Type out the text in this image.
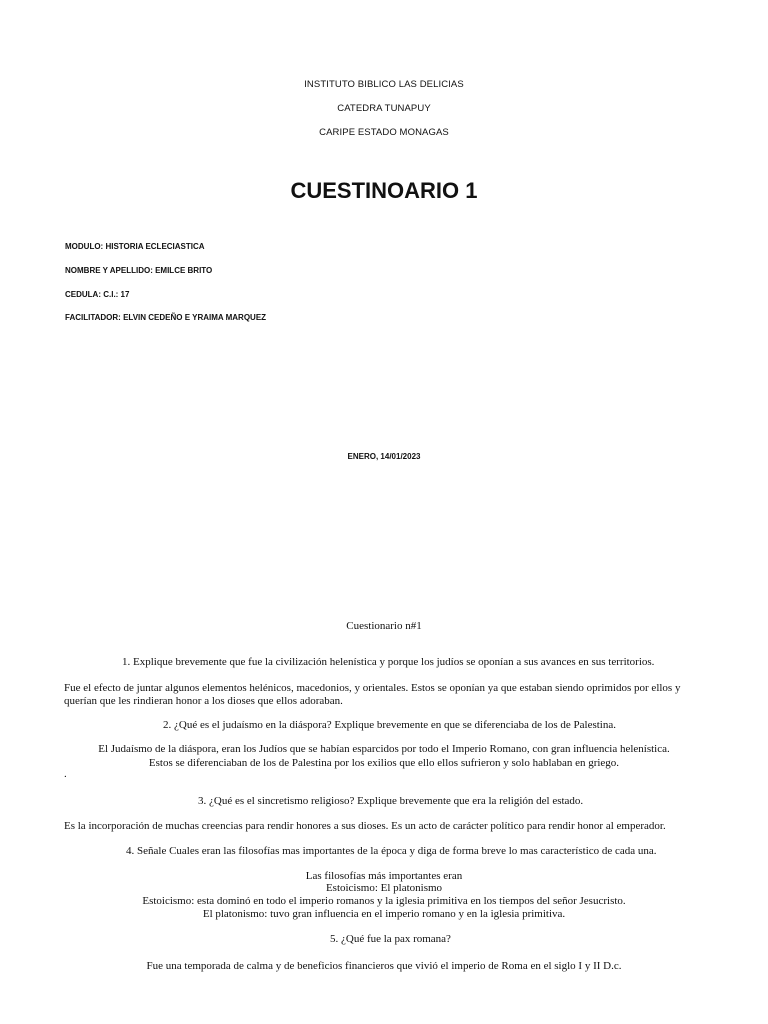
INSTITUTO BIBLICO LAS DELICIAS
CATEDRA TUNAPUY
CARIPE ESTADO MONAGAS
CUESTINOARIO 1
MODULO: HISTORIA ECLECIASTICA
NOMBRE Y APELLIDO: EMILCE BRITO
CEDULA: C.I.: 17
FACILITADOR: ELVIN CEDEÑO E YRAIMA MARQUEZ
ENERO, 14/01/2023
Cuestionario n#1
1. Explique brevemente que fue la civilización helenística y porque los judíos se oponían a sus avances en sus territorios.
Fue el efecto de juntar algunos elementos helénicos, macedonios, y orientales. Estos se oponían ya que estaban siendo oprimidos por ellos y
querían que les rindieran honor a los dioses que ellos adoraban.
2. ¿Qué es el judaísmo en la diáspora? Explique brevemente en que se diferenciaba de los de Palestina.
El Judaísmo de la diáspora, eran los Judíos que se habían esparcidos por todo el Imperio Romano, con gran influencia helenística.
Estos se diferenciaban de los de Palestina por los exilios que ello ellos sufrieron y solo hablaban en griego.
.
3. ¿Qué es el sincretismo religioso? Explique brevemente que era la religión del estado.
Es la incorporación de muchas creencias para rendir honores a sus dioses. Es un acto de carácter político para rendir honor al emperador.
4. Señale Cuales eran las filosofías mas importantes de la época y diga de forma breve lo mas característico de cada una.
Las filosofías más importantes eran
Estoicismo: El platonismo
Estoicismo: esta dominó en todo el imperio romanos y la iglesia primitiva en los tiempos del señor Jesucristo.
El platonismo: tuvo gran influencia en el imperio romano y en la iglesia primitiva.
5. ¿Qué fue la pax romana?
Fue una temporada de calma y de beneficios financieros que vivió el imperio de Roma en el siglo I y II D.c.
